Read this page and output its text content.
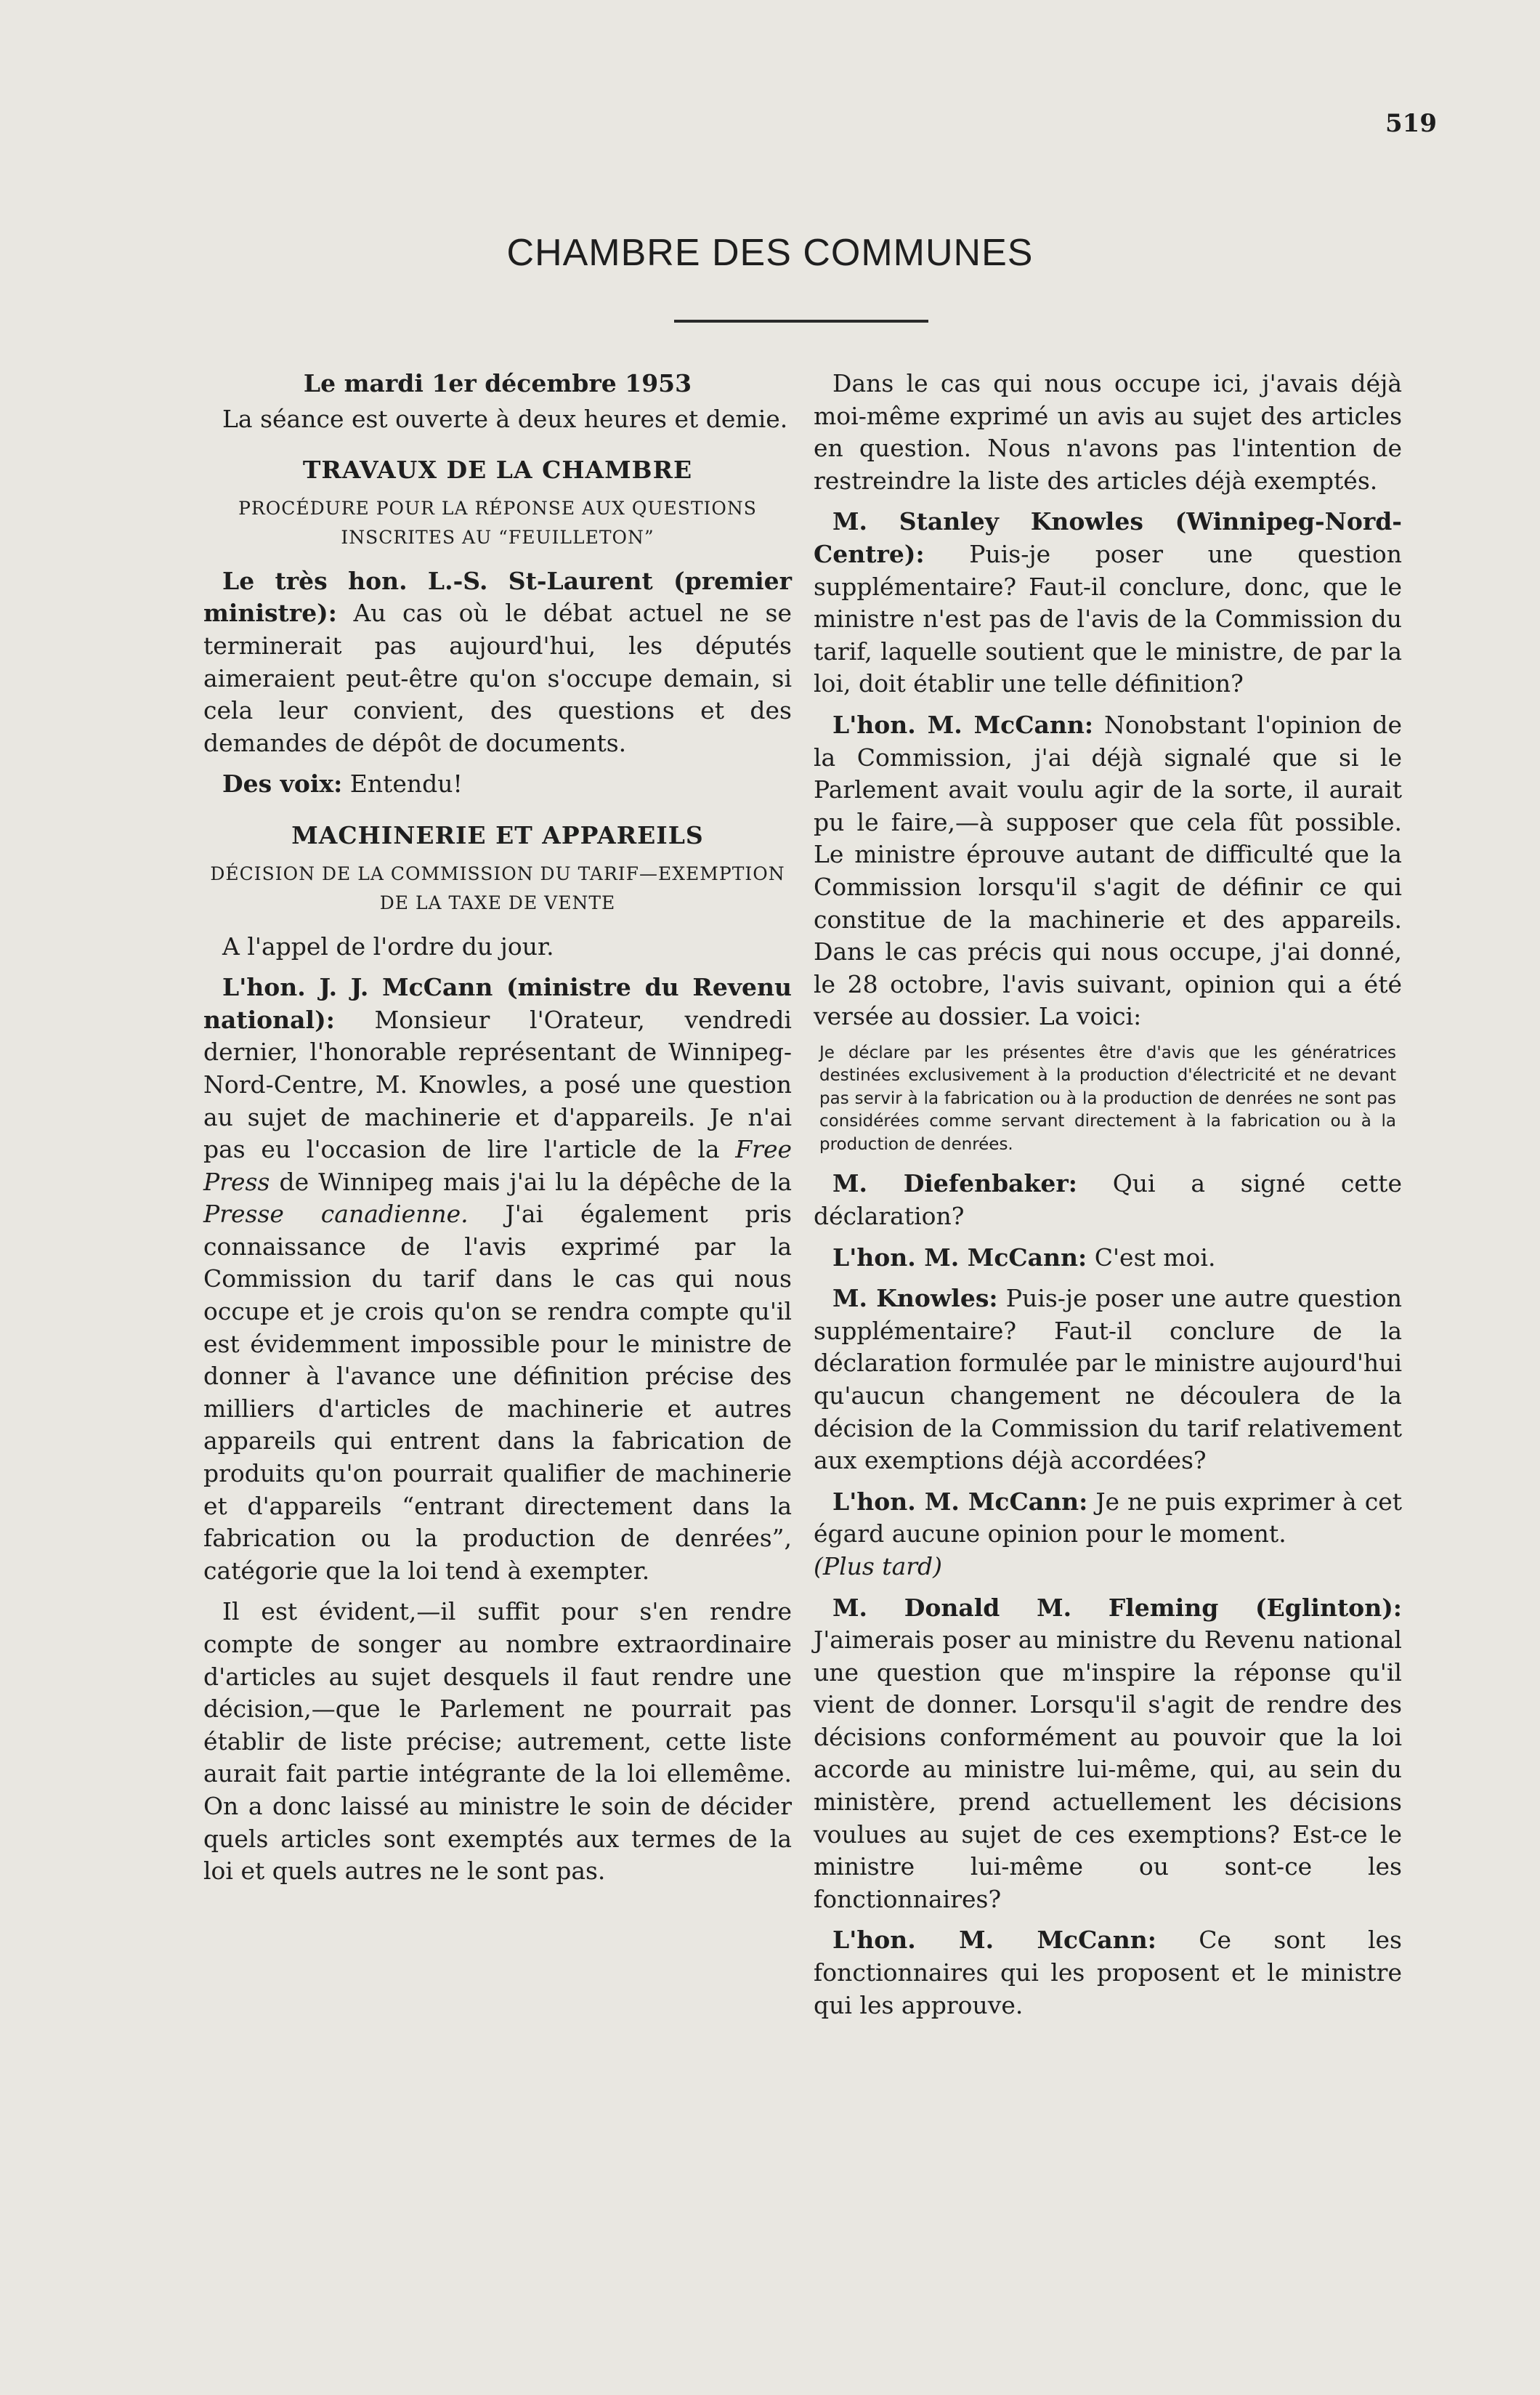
519
CHAMBRE DES COMMUNES

Le mardi 1er décembre 1953

La séance est ouverte à deux heures et demie.

TRAVAUX DE LA CHAMBRE

PROCÉDURE POUR LA RÉPONSE AUX QUESTIONS INSCRITES AU “FEUILLETON”

Le très hon. L.-S. St-Laurent (premier ministre): Au cas où le débat actuel ne se terminerait pas aujourd'hui, les députés aimeraient peut-être qu'on s'occupe demain, si cela leur convient, des questions et des demandes de dépôt de documents.

Des voix: Entendu!

MACHINERIE ET APPAREILS

DÉCISION DE LA COMMISSION DU TARIF—EXEMPTION DE LA TAXE DE VENTE

A l'appel de l'ordre du jour.

L'hon. J. J. McCann (ministre du Revenu national): Monsieur l'Orateur, vendredi dernier, l'honorable représentant de Winnipeg-Nord-Centre, M. Knowles, a posé une question au sujet de machinerie et d'appareils. Je n'ai pas eu l'occasion de lire l'article de la Free Press de Winnipeg mais j'ai lu la dépêche de la Presse canadienne. J'ai également pris connaissance de l'avis exprimé par la Commission du tarif dans le cas qui nous occupe et je crois qu'on se rendra compte qu'il est évidemment impossible pour le ministre de donner à l'avance une définition précise des milliers d'articles de machinerie et autres appareils qui entrent dans la fabrication de produits qu'on pourrait qualifier de machinerie et d'appareils “entrant directement dans la fabrication ou la production de denrées”, catégorie que la loi tend à exempter.

Il est évident,—il suffit pour s'en rendre compte de songer au nombre extraordinaire d'articles au sujet desquels il faut rendre une décision,—que le Parlement ne pourrait pas établir de liste précise; autrement, cette liste aurait fait partie intégrante de la loi ellemême. On a donc laissé au ministre le soin de décider quels articles sont exemptés aux termes de la loi et quels autres ne le sont pas.

Dans le cas qui nous occupe ici, j'avais déjà moi-même exprimé un avis au sujet des articles en question. Nous n'avons pas l'intention de restreindre la liste des articles déjà exemptés.

M. Stanley Knowles (Winnipeg-Nord-Centre): Puis-je poser une question supplémentaire? Faut-il conclure, donc, que le ministre n'est pas de l'avis de la Commission du tarif, laquelle soutient que le ministre, de par la loi, doit établir une telle définition?

L'hon. M. McCann: Nonobstant l'opinion de la Commission, j'ai déjà signalé que si le Parlement avait voulu agir de la sorte, il aurait pu le faire,—à supposer que cela fût possible. Le ministre éprouve autant de difficulté que la Commission lorsqu'il s'agit de définir ce qui constitue de la machinerie et des appareils. Dans le cas précis qui nous occupe, j'ai donné, le 28 octobre, l'avis suivant, opinion qui a été versée au dossier. La voici:

Je déclare par les présentes être d'avis que les génératrices destinées exclusivement à la production d'électricité et ne devant pas servir à la fabrication ou à la production de denrées ne sont pas considérées comme servant directement à la fabrication ou à la production de denrées.

M. Diefenbaker: Qui a signé cette déclaration?

L'hon. M. McCann: C'est moi.

M. Knowles: Puis-je poser une autre question supplémentaire? Faut-il conclure de la déclaration formulée par le ministre aujourd'hui qu'aucun changement ne découlera de la décision de la Commission du tarif relativement aux exemptions déjà accordées?

L'hon. M. McCann: Je ne puis exprimer à cet égard aucune opinion pour le moment.
(Plus tard)

M. Donald M. Fleming (Eglinton): J'aimerais poser au ministre du Revenu national une question que m'inspire la réponse qu'il vient de donner. Lorsqu'il s'agit de rendre des décisions conformément au pouvoir que la loi accorde au ministre lui-même, qui, au sein du ministère, prend actuellement les décisions voulues au sujet de ces exemptions? Est-ce le ministre lui-même ou sont-ce les fonctionnaires?

L'hon. M. McCann: Ce sont les fonctionnaires qui les proposent et le ministre qui les approuve.
